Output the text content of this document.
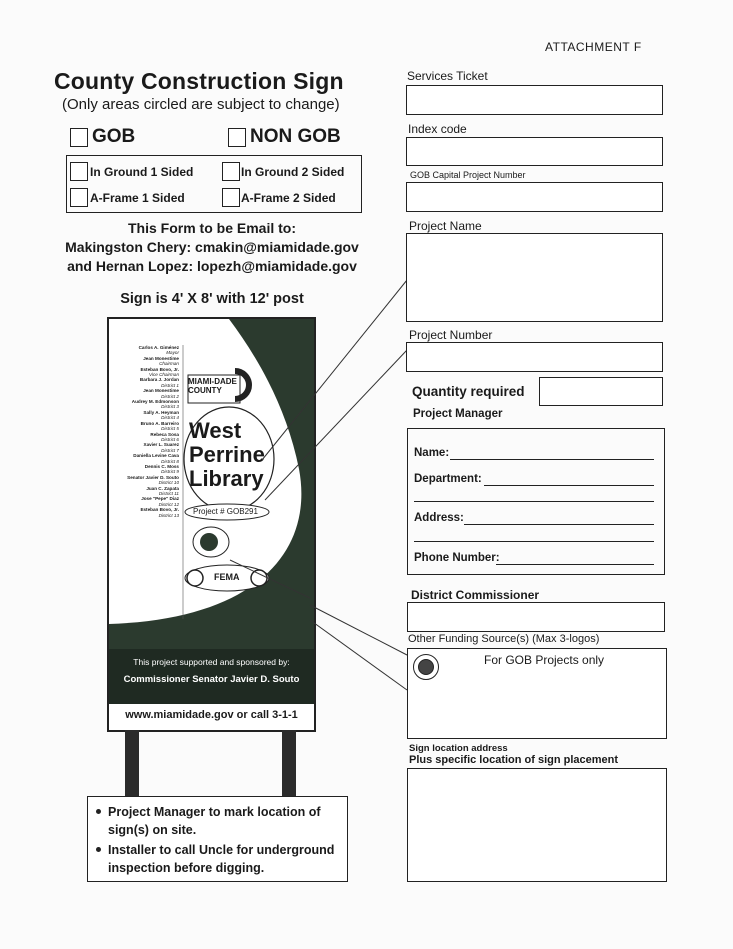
ATTACHMENT F
County Construction Sign
(Only areas circled are subject to change)
GOB	NON GOB
In Ground 1 Sided	In Ground 2 Sided
A-Frame 1 Sided	A-Frame 2 Sided
This Form to be Email to:
Makingston Chery: cmakin@miamidade.gov
and Hernan Lopez: lopezh@miamidade.gov
Sign is 4' X 8' with 12' post
Carlos A. Giménez
Mayor
Jean Monestime
Chairman
Esteban Bovo, Jr.
Vice Chairman
Barbara J. Jordan
District 1
Jean Monestime
District 2
Audrey M. Edmonson
District 3
Sally A. Heyman
District 4
Bruno A. Barreiro
District 5
Rebeca Sosa
District 6
Xavier L. Suarez
District 7
Daniella Levine Cava
District 8
Dennis C. Moss
District 9
Senator Javier D. Souto
District 10
Juan C. Zapata
District 11
Jose "Pepe" Diaz
District 12
Esteban Bovo, Jr.
District 13
MIAMI-DADE
COUNTY
West
Perrine
Library
Project # GOB291
FEMA
This project supported and sponsored by:
Commissioner Senator Javier D. Souto
www.miamidade.gov or call 3-1-1
Project Manager to mark location of sign(s) on site.
Installer to call Uncle for underground inspection before digging.
Services Ticket
Index code
GOB Capital Project Number
Project Name
Project Number
Quantity required
Project Manager
Name:
Department:
Address:
Phone Number:
District Commissioner
Other Funding Source(s) (Max 3-logos)
For GOB Projects only
Sign location address
Plus specific location of sign placement
